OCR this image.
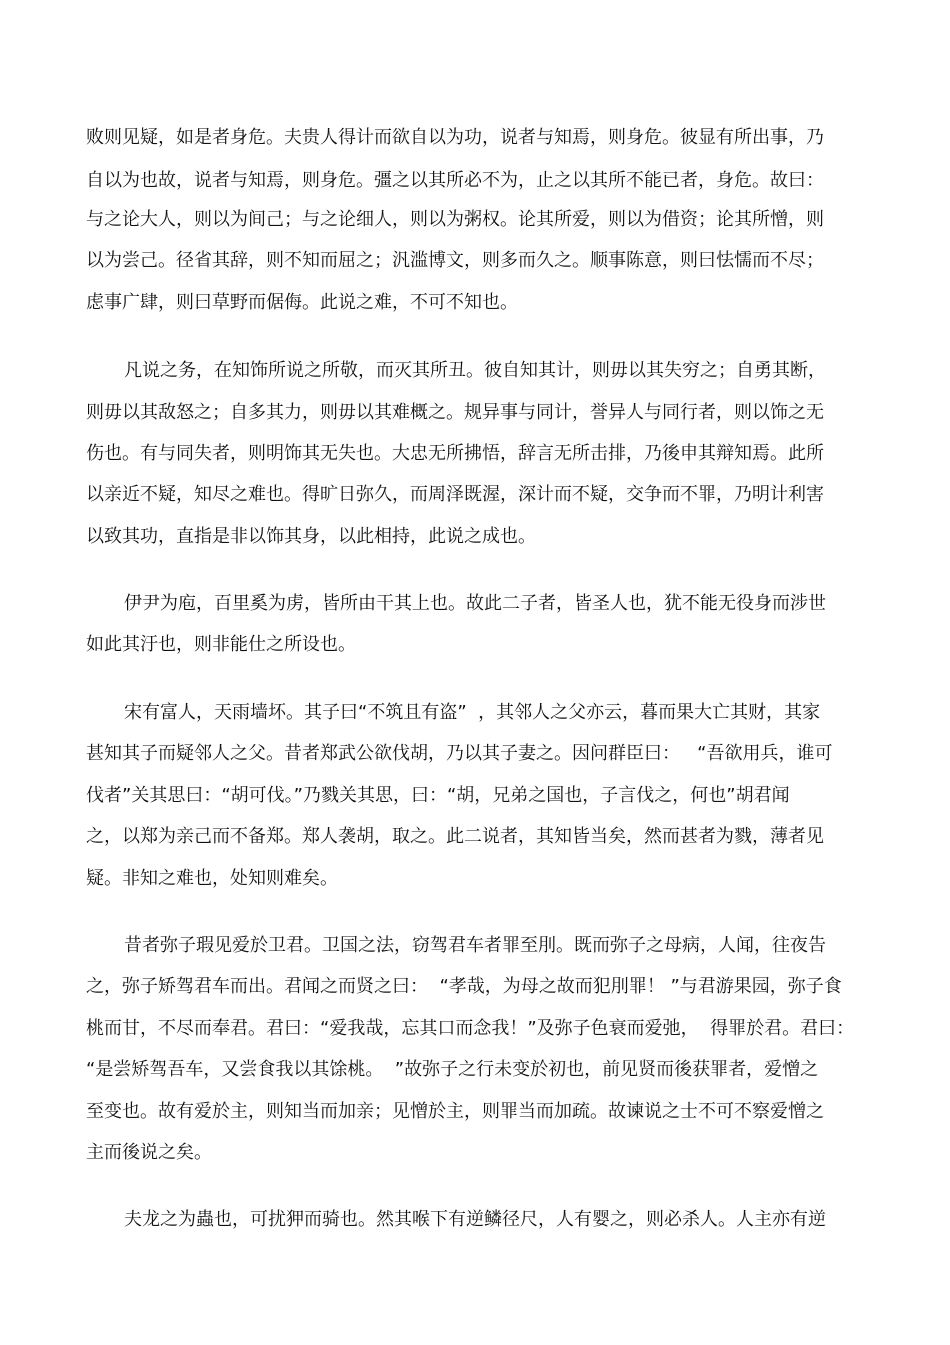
败则见疑，如是者身危。夫贵人得计而欲自以为功，说者与知焉，则身危。彼显有所出事，乃
自以为也故，说者与知焉，则身危。彊之以其所必不为，止之以其所不能已者，身危。故曰：
与之论大人，则以为间己；与之论细人，则以为粥权。论其所爱，则以为借资；论其所憎，则
以为尝己。径省其辞，则不知而屈之；汎滥博文，则多而久之。顺事陈意，则曰怯懦而不尽；
虑事广肆，则曰草野而倨侮。此说之难，不可不知也。
凡说之务，在知饰所说之所敬，而灭其所丑。彼自知其计，则毋以其失穷之；自勇其断，
则毋以其敌怒之；自多其力，则毋以其难概之。规异事与同计，誉异人与同行者，则以饰之无
伤也。有与同失者，则明饰其无失也。大忠无所拂悟，辞言无所击排，乃後申其辩知焉。此所
以亲近不疑，知尽之难也。得旷日弥久，而周泽既渥，深计而不疑，交争而不罪，乃明计利害
以致其功，直指是非以饰其身，以此相持，此说之成也。
伊尹为庖，百里奚为虏，皆所由干其上也。故此二子者，皆圣人也，犹不能无役身而涉世
如此其汙也，则非能仕之所设也。
宋有富人，天雨墙坏。其子曰“不筑且有盗”  ，其邻人之父亦云，暮而果大亡其财，其家
甚知其子而疑邻人之父。昔者郑武公欲伐胡，乃以其子妻之。因问群臣曰：   “吾欲用兵，谁可
伐者”关其思曰：“胡可伐。”乃戮关其思，曰：“胡，兄弟之国也，子言伐之，何也”胡君闻
之，以郑为亲己而不备郑。郑人袭胡，取之。此二说者，其知皆当矣，然而甚者为戮，薄者见
疑。非知之难也，处知则难矣。
昔者弥子瑕见爱於卫君。卫国之法，窃驾君车者罪至刖。既而弥子之母病，人闻，往夜告
之，弥子矫驾君车而出。君闻之而贤之曰：  “孝哉，为母之故而犯刖罪！ ”与君游果园，弥子食
桃而甘，不尽而奉君。君曰：“爱我哉，忘其口而念我！”及弥子色衰而爱弛，  得罪於君。君曰：
“是尝矫驾吾车，又尝食我以其馀桃。  ”故弥子之行未变於初也，前见贤而後获罪者，爱憎之
至变也。故有爱於主，则知当而加亲；见憎於主，则罪当而加疏。故谏说之士不可不察爱憎之
主而後说之矣。
夫龙之为蟲也，可扰狎而骑也。然其喉下有逆鳞径尺，人有婴之，则必杀人。人主亦有逆
